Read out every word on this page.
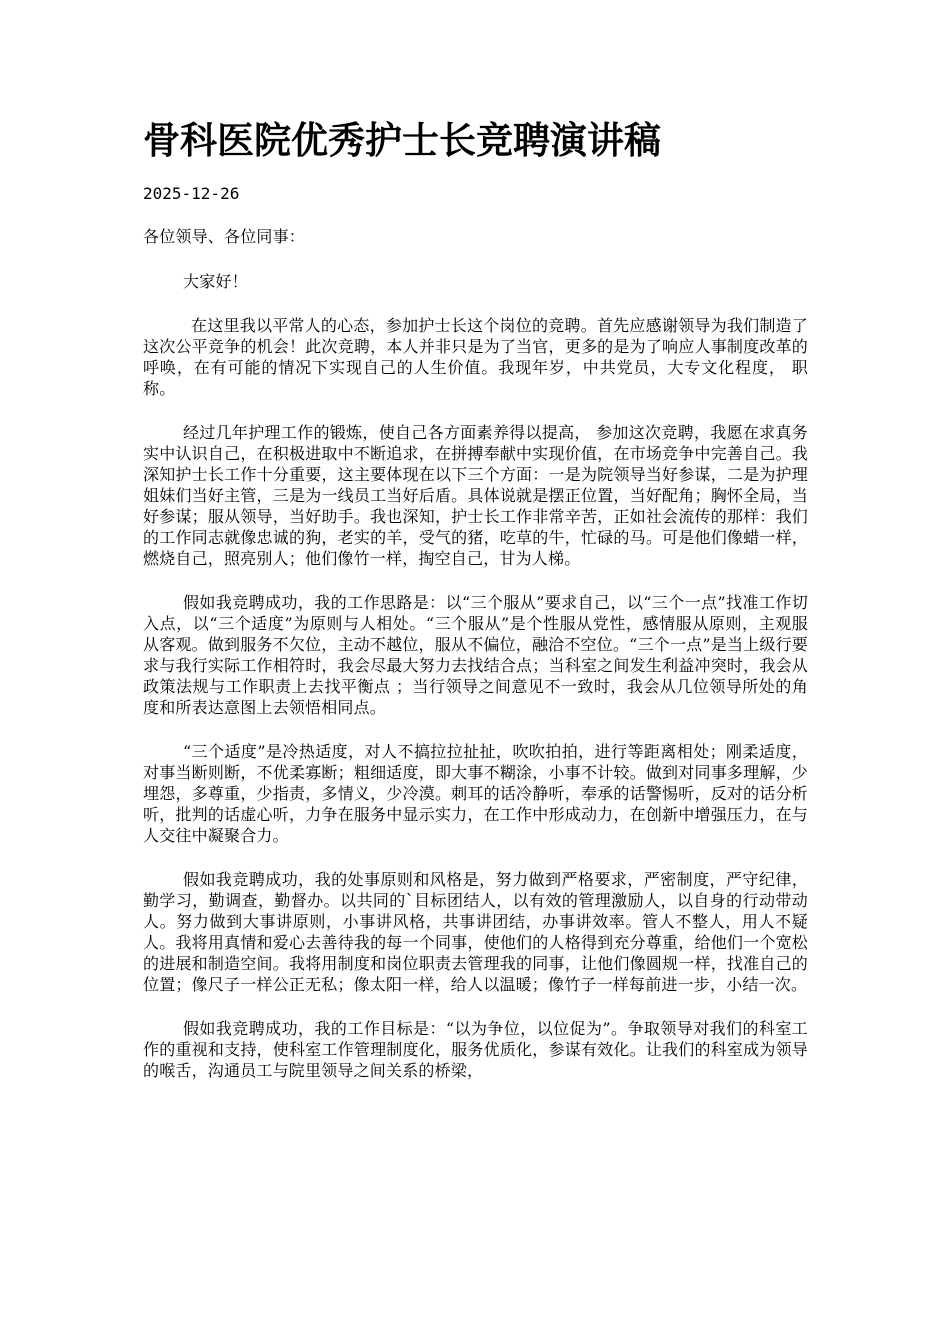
骨科医院优秀护士长竞聘演讲稿
2025-12-26

各位领导、各位同事：

大家好！

在这里我以平常人的心态，参加护士长这个岗位的竞聘。首先应感谢领导为我们制造了这次公平竞争的机会！此次竞聘，本人并非只是为了当官，更多的是为了响应人事制度改革的呼唤，在有可能的情况下实现自己的人生价值。我现年岁，中共党员，大专文化程度， 职称。

经过几年护理工作的锻炼，使自己各方面素养得以提高， 参加这次竞聘，我愿在求真务实中认识自己，在积极进取中不断追求，在拼搏奉献中实现价值，在市场竞争中完善自己。我深知护士长工作十分重要，这主要体现在以下三个方面：一是为院领导当好参谋，二是为护理姐妹们当好主管，三是为一线员工当好后盾。具体说就是摆正位置，当好配角；胸怀全局，当好参谋；服从领导，当好助手。我也深知，护士长工作非常辛苦，正如社会流传的那样：我们的工作同志就像忠诚的狗，老实的羊，受气的猪，吃草的牛，忙碌的马。可是他们像蜡一样，燃烧自己，照亮别人；他们像竹一样，掏空自己，甘为人梯。

假如我竞聘成功，我的工作思路是：以“三个服从”要求自己，以“三个一点”找准工作切入点，以“三个适度”为原则与人相处。“三个服从”是个性服从党性，感情服从原则，主观服从客观。做到服务不欠位，主动不越位，服从不偏位，融洽不空位。“三个一点”是当上级行要求与我行实际工作相符时，我会尽最大努力去找结合点；当科室之间发生利益冲突时，我会从政策法规与工作职责上去找平衡点 ；当行领导之间意见不一致时，我会从几位领导所处的角度和所表达意图上去领悟相同点。

“三个适度”是冷热适度，对人不搞拉拉扯扯，吹吹拍拍，进行等距离相处；刚柔适度，对事当断则断，不优柔寡断；粗细适度，即大事不糊涂，小事不计较。做到对同事多理解，少埋怨，多尊重，少指责，多情义，少冷漠。刺耳的话冷静听，奉承的话警惕听，反对的话分析听，批判的话虚心听，力争在服务中显示实力，在工作中形成动力，在创新中增强压力，在与人交往中凝聚合力。

假如我竞聘成功，我的处事原则和风格是，努力做到严格要求，严密制度，严守纪律，勤学习，勤调查，勤督办。以共同的`目标团结人，以有效的管理激励人，以自身的行动带动人。努力做到大事讲原则，小事讲风格，共事讲团结，办事讲效率。管人不整人，用人不疑人。我将用真情和爱心去善待我的每一个同事，使他们的人格得到充分尊重，给他们一个宽松的进展和制造空间。我将用制度和岗位职责去管理我的同事，让他们像圆规一样，找准自己的位置；像尺子一样公正无私；像太阳一样，给人以温暖；像竹子一样每前进一步，小结一次。

假如我竞聘成功，我的工作目标是：“以为争位，以位促为”。争取领导对我们的科室工作的重视和支持，使科室工作管理制度化，服务优质化，参谋有效化。让我们的科室成为领导的喉舌，沟通员工与院里领导之间关系的桥梁，
